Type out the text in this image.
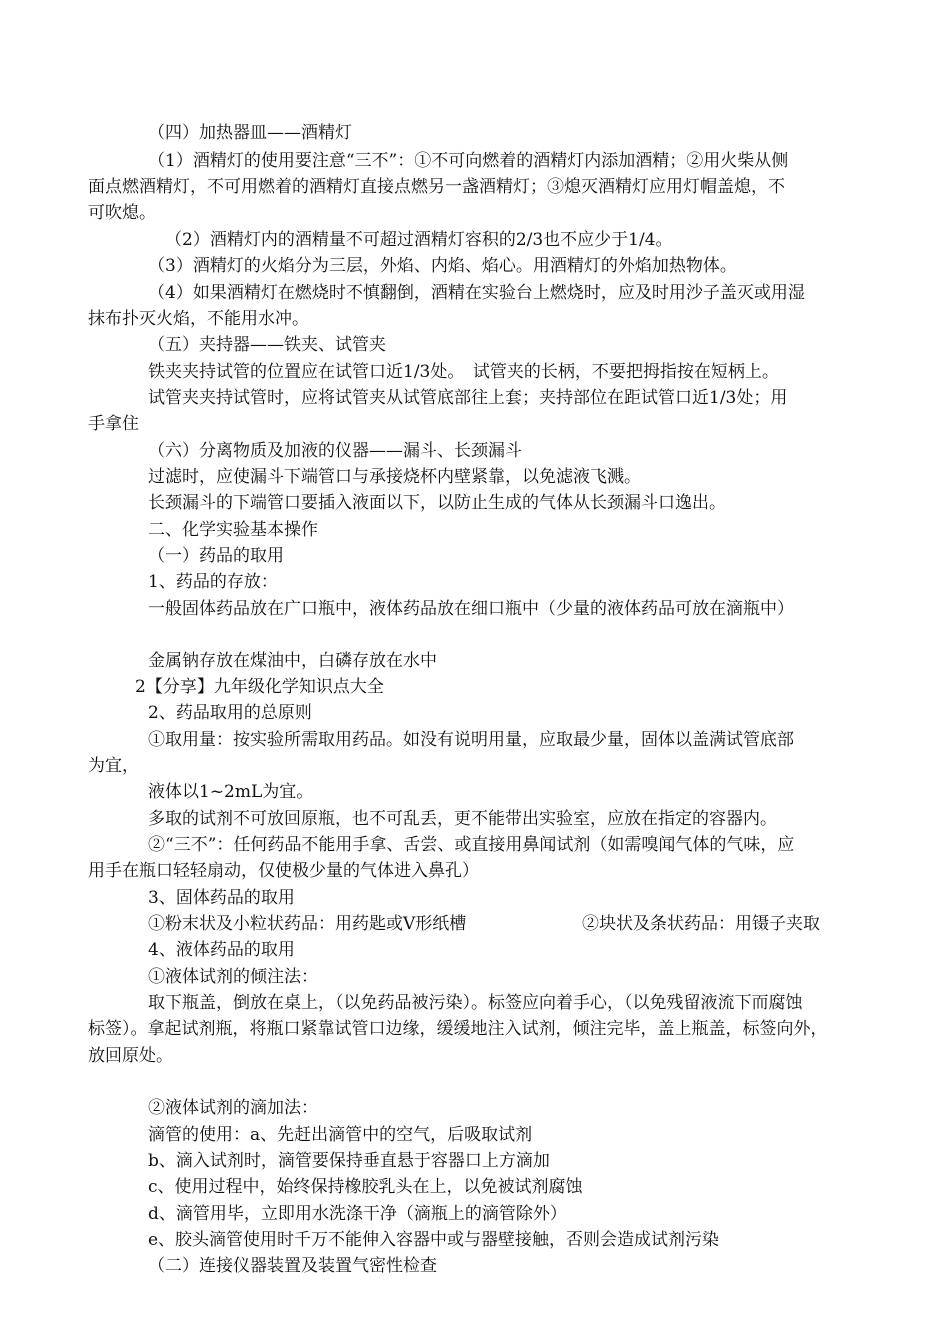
（四）加热器皿——酒精灯
（1）酒精灯的使用要注意“三不”：①不可向燃着的酒精灯内添加酒精；②用火柴从侧
面点燃酒精灯，不可用燃着的酒精灯直接点燃另一盏酒精灯；③熄灭酒精灯应用灯帽盖熄，不
可吹熄。
（2）酒精灯内的酒精量不可超过酒精灯容积的2/3也不应少于1/4。
（3）酒精灯的火焰分为三层，外焰、内焰、焰心。用酒精灯的外焰加热物体。
（4）如果酒精灯在燃烧时不慎翻倒，酒精在实验台上燃烧时，应及时用沙子盖灭或用湿
抹布扑灭火焰，不能用水冲。
（五）夹持器——铁夹、试管夹
铁夹夹持试管的位置应在试管口近1/3处。　试管夹的长柄，不要把拇指按在短柄上。
试管夹夹持试管时，应将试管夹从试管底部往上套；夹持部位在距试管口近1/3处；用
手拿住
（六）分离物质及加液的仪器——漏斗、长颈漏斗
过滤时，应使漏斗下端管口与承接烧杯内壁紧靠，以免滤液飞溅。
长颈漏斗的下端管口要插入液面以下，以防止生成的气体从长颈漏斗口逸出。
二、化学实验基本操作
（一）药品的取用
1、药品的存放：
一般固体药品放在广口瓶中，液体药品放在细口瓶中（少量的液体药品可放在滴瓶中）
金属钠存放在煤油中，白磷存放在水中
2【分享】九年级化学知识点大全
2、药品取用的总原则
①取用量：按实验所需取用药品。如没有说明用量，应取最少量，固体以盖满试管底部
为宜，
液体以1~2mL为宜。
多取的试剂不可放回原瓶，也不可乱丢，更不能带出实验室，应放在指定的容器内。
②“三不”：任何药品不能用手拿、舌尝、或直接用鼻闻试剂（如需嗅闻气体的气味，应
用手在瓶口轻轻扇动，仅使极少量的气体进入鼻孔）
3、固体药品的取用
①粉末状及小粒状药品：用药匙或V形纸槽	②块状及条状药品：用镊子夹取
4、液体药品的取用
①液体试剂的倾注法：
取下瓶盖，倒放在桌上，（以免药品被污染）。标签应向着手心，（以免残留液流下而腐蚀
标签）。拿起试剂瓶，将瓶口紧靠试管口边缘，缓缓地注入试剂，倾注完毕，盖上瓶盖，标签向外，
放回原处。
②液体试剂的滴加法：
滴管的使用：a、先赶出滴管中的空气，后吸取试剂
b、滴入试剂时，滴管要保持垂直悬于容器口上方滴加
c、使用过程中，始终保持橡胶乳头在上，以免被试剂腐蚀
d、滴管用毕，立即用水洗涤干净（滴瓶上的滴管除外）
e、胶头滴管使用时千万不能伸入容器中或与器壁接触，否则会造成试剂污染
（二）连接仪器装置及装置气密性检查
